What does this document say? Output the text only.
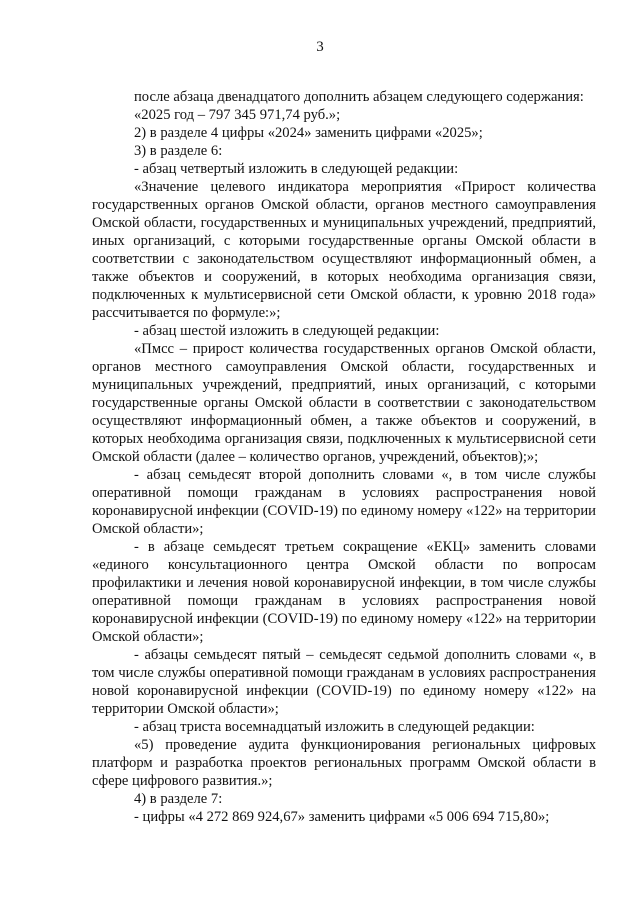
3

после абзаца двенадцатого дополнить абзацем следующего содержания:

«2025 год – 797 345 971,74 руб.»;

2) в разделе 4 цифры «2024» заменить цифрами «2025»;

3) в разделе 6:

- абзац четвертый изложить в следующей редакции:

«Значение целевого индикатора мероприятия «Прирост количества государственных органов Омской области, органов местного самоуправления Омской области, государственных и муниципальных учреждений, предприятий, иных организаций, с которыми государственные органы Омской области в соответствии с законодательством осуществляют информационный обмен, а также объектов и сооружений, в которых необходима организация связи, подключенных к мультисервисной сети Омской области, к уровню 2018 года» рассчитывается по формуле:»;

- абзац шестой изложить в следующей редакции:

«Пмсс – прирост количества государственных органов Омской области, органов местного самоуправления Омской области, государственных и муниципальных учреждений, предприятий, иных организаций, с которыми государственные органы Омской области в соответствии с законодательством осуществляют информационный обмен, а также объектов и сооружений, в которых необходима организация связи, подключенных к мультисервисной сети Омской области (далее – количество органов, учреждений, объектов);»;

- абзац семьдесят второй дополнить словами «, в том числе службы оперативной помощи гражданам в условиях распространения новой коронавирусной инфекции (COVID-19) по единому номеру «122» на территории Омской области»;

- в абзаце семьдесят третьем сокращение «ЕКЦ» заменить словами «единого консультационного центра Омской области по вопросам профилактики и лечения новой коронавирусной инфекции, в том числе службы оперативной помощи гражданам в условиях распространения новой коронавирусной инфекции (COVID-19) по единому номеру «122» на территории Омской области»;

- абзацы семьдесят пятый – семьдесят седьмой дополнить словами «, в том числе службы оперативной помощи гражданам в условиях распространения новой коронавирусной инфекции (COVID-19) по единому номеру «122» на территории Омской области»;

- абзац триста восемнадцатый изложить в следующей редакции:

«5) проведение аудита функционирования региональных цифровых платформ и разработка проектов региональных программ Омской области в сфере цифрового развития.»;

4) в разделе 7:

- цифры «4 272 869 924,67» заменить цифрами «5 006 694 715,80»;
